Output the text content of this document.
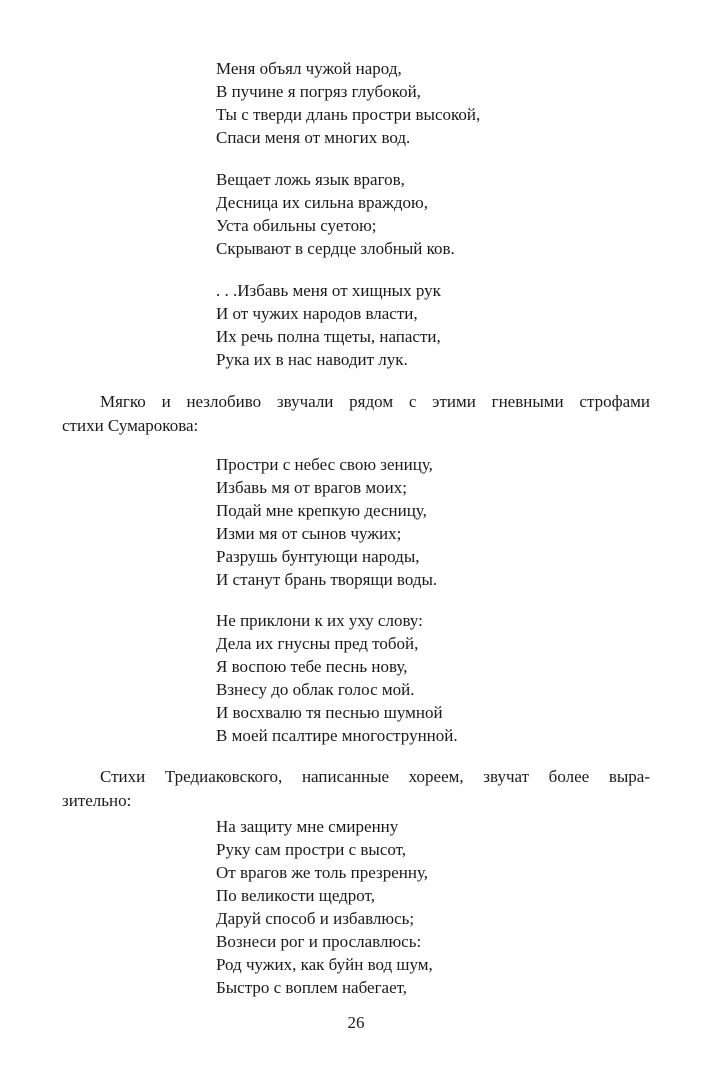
Меня объял чужой народ,
В пучине я погряз глубокой,
Ты с тверди длань простри высокой,
Спаси меня от многих вод.
Вещает ложь язык врагов,
Десница их сильна враждою,
Уста обильны суетою;
Скрывают в сердце злобный ков.
. . .Избавь меня от хищных рук
И от чужих народов власти,
Их речь полна тщеты, напасти,
Рука их в нас наводит лук.
Мягко и незлобиво звучали рядом с этими гневными строфами
стихи Сумарокова:
Простри с небес свою зеницу,
Избавь мя от врагов моих;
Подай мне крепкую десницу,
Изми мя от сынов чужих;
Разрушь бунтующи народы,
И станут брань творящи воды.
Не приклони к их уху слову:
Дела их гнусны пред тобой,
Я воспою тебе песнь нову,
Взнесу до облак голос мой.
И восхвалю тя песнью шумной
В моей псалтире многострунной.
Стихи Тредиаковского, написанные хореем, звучат более выра-
зительно:
На защиту мне смиренну
Руку сам простри с высот,
От врагов же толь презренну,
По великости щедрот,
Даруй способ и избавлюсь;
Вознеси рог и прославлюсь:
Род чужих, как буйн вод шум,
Быстро с воплем набегает,
26
